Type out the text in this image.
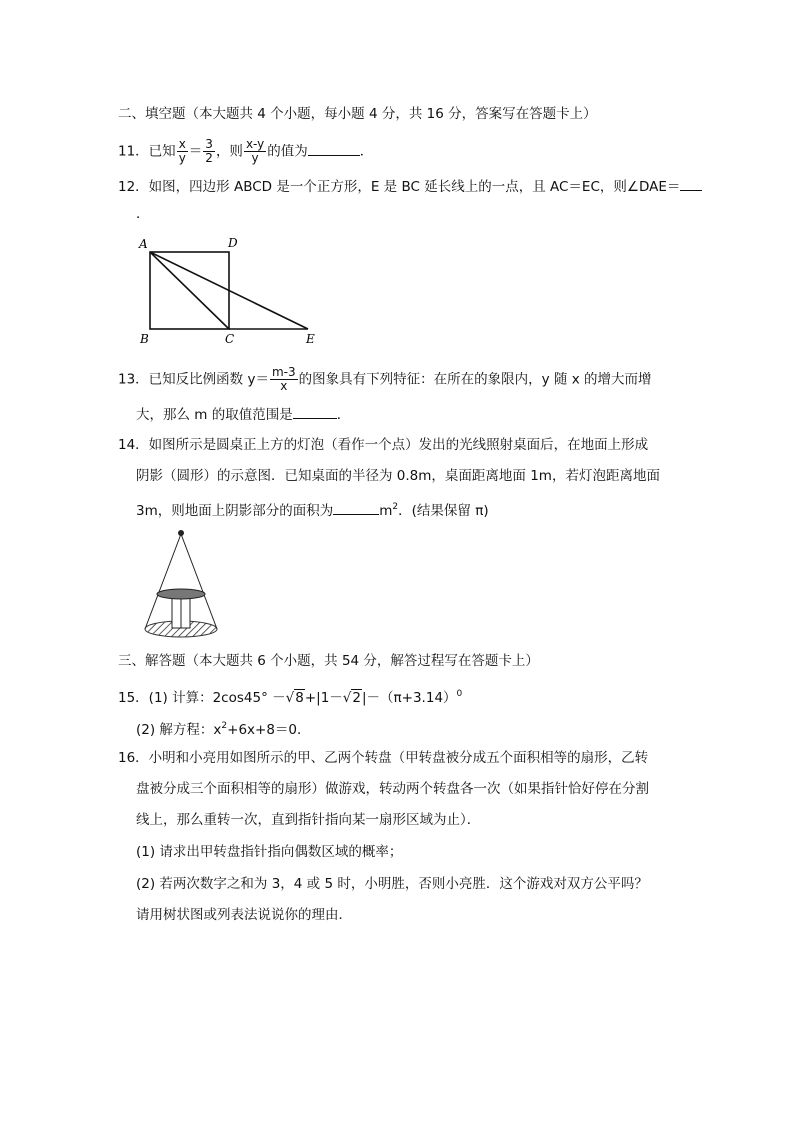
二、填空题（本大题共 4 个小题，每小题 4 分，共 16 分，答案写在答题卡上）
11．已知 $\frac{x}{y} = \frac{3}{2}$ ，则 $\frac{x-y}{y}$ 的值为	．
12．如图，四边形 ABCD 是一个正方形，E 是 BC 延长线上的一点，且 AC＝EC，则∠DAE＝
．
A	D
B	C	E
13．已知反比例函数 $y= \frac{m-3}{x}$ 的图象具有下列特征：在所在的象限内，y 随 x 的增大而增
大，那么 m 的取值范围是	．
14．如图所示是圆桌正上方的灯泡（看作一个点）发出的光线照射桌面后，在地面上形成
阴影（圆形）的示意图．已知桌面的半径为 0.8m，桌面距离地面 1m，若灯泡距离地面
3m，则地面上阴影部分的面积为	$m^2$．(结果保留 π)
三、解答题（本大题共 6 个小题，共 54 分，解答过程写在答题卡上）
15．(1) 计算：$2\cos 45^\circ -√8+|1-√2|-(\pi+3.14)^0$
(2) 解方程：$x^2+6x+8=0$．
16．小明和小亮用如图所示的甲、乙两个转盘（甲转盘被分成五个面积相等的扇形，乙转
盘被分成三个面积相等的扇形）做游戏，转动两个转盘各一次（如果指针恰好停在分割
线上，那么重转一次，直到指针指向某一扇形区域为止）．
(1) 请求出甲转盘指针指向偶数区域的概率；
(2) 若两次数字之和为 3，4 或 5 时，小明胜，否则小亮胜．这个游戏对双方公平吗？
请用树状图或列表法说说你的理由．
